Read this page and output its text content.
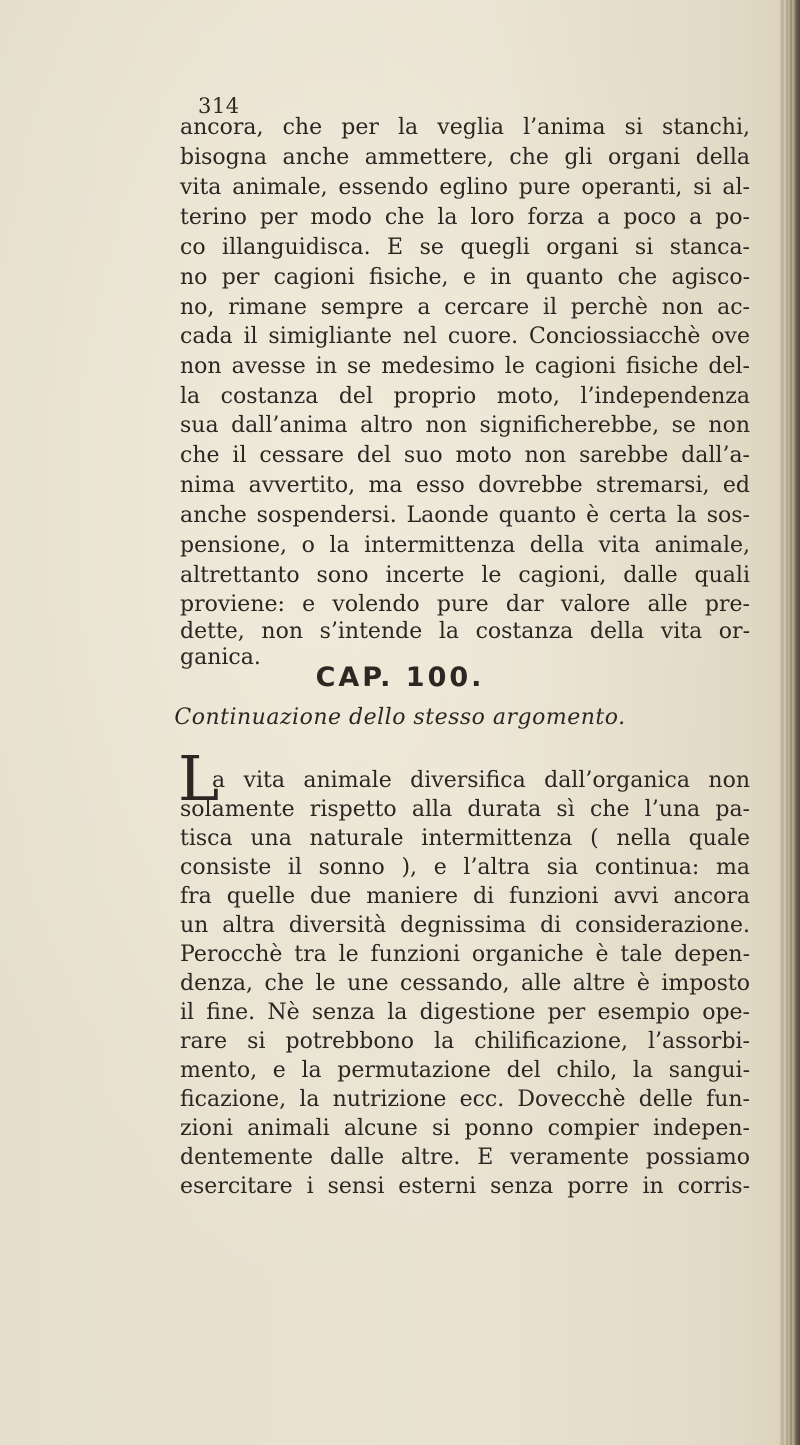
314
ancora, che per la veglia l’anima si stanchi,
bisogna anche ammettere, che gli organi della
vita animale, essendo eglino pure operanti, si al-
terino per modo che la loro forza a poco a po-
co illanguidisca. E se quegli organi si stanca-
no per cagioni fisiche, e in quanto che agisco-
no, rimane sempre a cercare il perchè non ac-
cada il simigliante nel cuore. Conciossiacchè ove
non avesse in se medesimo le cagioni fisiche del-
la costanza del proprio moto, l’independenza
sua dall’anima altro non significherebbe, se non
che il cessare del suo moto non sarebbe dall’a-
nima avvertito, ma esso dovrebbe stremarsi, ed
anche sospendersi. Laonde quanto è certa la sos-
pensione, o la intermittenza della vita animale,
altrettanto sono incerte le cagioni, dalle quali
proviene: e volendo pure dar valore alle pre-
dette, non s’intende la costanza della vita or-
ganica.
CAP. 100.
Continuazione dello stesso argomento.
L
a vita animale diversifica dall’organica non
solamente rispetto alla durata sì che l’una pa-
tisca una naturale intermittenza ( nella quale
consiste il sonno ), e l’altra sia continua: ma
fra quelle due maniere di funzioni avvi ancora
un altra diversità degnissima di considerazione.
Perocchè tra le funzioni organiche è tale depen-
denza, che le une cessando, alle altre è imposto
il fine. Nè senza la digestione per esempio ope-
rare si potrebbono la chilificazione, l’assorbi-
mento, e la permutazione del chilo, la sangui-
ficazione, la nutrizione ecc. Dovecchè delle fun-
zioni animali alcune si ponno compier indepen-
dentemente dalle altre. E veramente possiamo
esercitare i sensi esterni senza porre in corris-
